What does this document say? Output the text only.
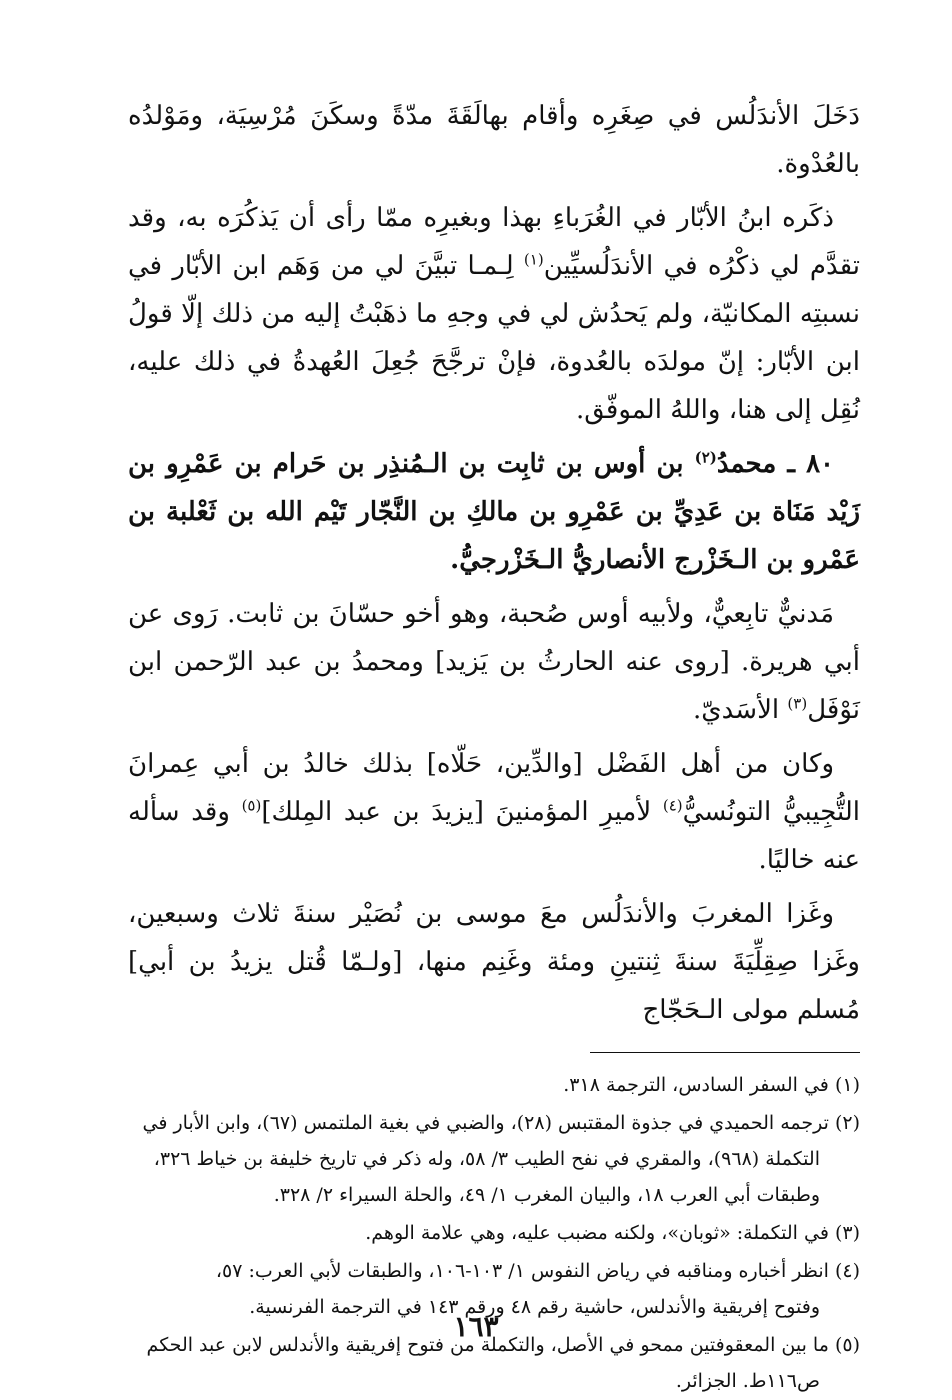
دَخَلَ الأندَلُس في صِغَرِه وأقام بهالَقَةَ مدّةً وسكَنَ مُرْسِيَة، ومَوْلدُه بالعُدْوة.

ذكَره ابنُ الأبّار في الغُرَباءِ بهذا وبغيرِه ممّا رأى أن يَذكُرَه به، وقد تقدَّم لي ذكْرُه في الأندَلُسيِّين$^{(١)}$ لِـمـا تبيَّنَ لي من وَهَم ابن الأبّار في نسبتِه المكانيّة، ولم يَحدُش لي في وجهِ ما ذهَبْتُ إليه من ذلك إلّا قولُ ابن الأبّار: إنّ مولدَه بالعُدوة، فإنْ ترجَّحَ جُعِلَ العُهدةُ في ذلك عليه، نُقِل إلى هنا، واللهُ الموفّق.

٨٠ ـ محمدُ$^{(٢)}$ بن أوس بن ثابِت بن الـمُنذِر بن حَرام بن عَمْرِو بن زَيْد مَنَاة بن عَدِيِّ بن عَمْرِو بن مالكِ بن النَّجّار تَيْم الله بن ثَعْلبة بن عَمْرو بن الـخَزْرج الأنصاريُّ الـخَزْرجيُّ.

مَدنيٌّ تابِعيٌّ، ولأبيه أوس صُحبة، وهو أخو حسّانَ بن ثابت. رَوى عن أبي هريرة. [روى عنه الحارثُ بن يَزيد] ومحمدُ بن عبد الرّحمن ابن نَوْفَل$^{(٣)}$ الأسَديّ.

وكان من أهل الفَضْل [والدِّين، حَلّاه] بذلك خالدُ بن أبي عِمرانَ التُّجِيبيُّ التونُسيُّ$^{(٤)}$ لأميرِ المؤمنينَ [يزيدَ بن عبد المِلك]$^{(٥)}$ وقد سأله عنه خاليًا.

وغَزا المغربَ والأندَلُس معَ موسى بن نُصَيْر سنةَ ثلاث وسبعين، وغَزا صِقِلِّيَةَ سنةَ ثِنتينِ ومئة وغَنِم منها، [ولـمّا قُتل يزيدُ بن أبي] مُسلم مولى الـحَجّاج

(١) في السفر السادس، الترجمة ٣١٨.
(٢) ترجمه الحميدي في جذوة المقتبس (٢٨)، والضبي في بغية الملتمس (٦٧)، وابن الأبار في
التكملة (٩٦٨)، والمقري في نفح الطيب ٣/ ٥٨، وله ذكر في تاريخ خليفة بن خياط ٣٢٦،
وطبقات أبي العرب ١٨، والبيان المغرب ١/ ٤٩، والحلة السيراء ٢/ ٣٢٨.
(٣) في التكملة: «ثوبان»، ولكنه مضبب عليه، وهي علامة الوهم.
(٤) انظر أخباره ومناقبه في رياض النفوس ١/ ١٠٣-١٠٦، والطبقات لأبي العرب: ٥٧،
وفتوح إفريقية والأندلس، حاشية رقم ٤٨ ورقم ١٤٣ في الترجمة الفرنسية.
(٥) ما بين المعقوفتين ممحو في الأصل، والتكملة من فتوح إفريقية والأندلس لابن عبد الحكم
ص١١٦ط. الجزائر.
١٦٣
